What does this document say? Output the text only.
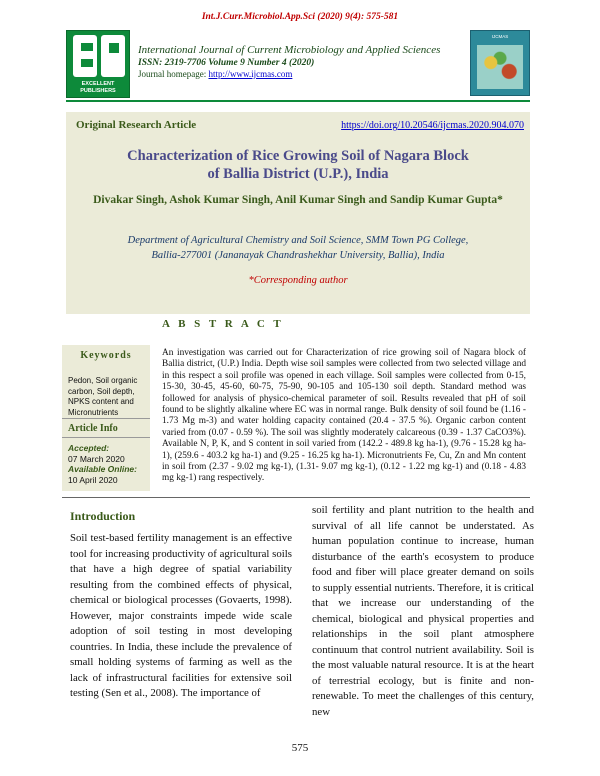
Int.J.Curr.Microbiol.App.Sci (2020) 9(4): 575-581
EXCELLENT PUBLISHERS
International Journal of Current Microbiology and Applied Sciences
ISSN: 2319-7706 Volume 9 Number 4 (2020)
Journal homepage: http://www.ijcmas.com
IJCMAS
Original Research Article	https://doi.org/10.20546/ijcmas.2020.904.070
Characterization of Rice Growing Soil of Nagara Block
of Ballia District (U.P.), India
Divakar Singh, Ashok Kumar Singh, Anil Kumar Singh and Sandip Kumar Gupta*
Department of Agricultural Chemistry and Soil Science, SMM Town PG College,
Ballia-277001 (Jananayak Chandrashekhar University, Ballia), India
*Corresponding author
A B S T R A C T
Keywords
Pedon, Soil organic carbon, Soil depth, NPKS content and Micronutrients
Article Info
Accepted:
07 March 2020
Available Online:
10 April 2020
An investigation was carried out for Characterization of rice growing soil of Nagara block of Ballia district, (U.P.) India. Depth wise soil samples were collected from two selected village and in this respect a soil profile was opened in each village. Soil samples were collected from 0-15, 15-30, 30-45, 45-60, 60-75, 75-90, 90-105 and 105-130 soil depth. Standard method was followed for analysis of physico-chemical parameter of soil. Results revealed that pH of soil found to be slightly alkaline where EC was in normal range. Bulk density of soil found be (1.16 - 1.73 Mg m-3) and water holding capacity contained (20.4 - 37.5 %). Organic carbon content varied from (0.07 - 0.59 %). The soil was slightly moderately calcareous (0.39 - 1.37 CaCO3%). Available N, P, K, and S content in soil varied from (142.2 - 489.8 kg ha-1), (9.76 - 15.28 kg ha-1), (259.6 - 403.2 kg ha-1) and (9.25 - 16.25 kg ha-1). Micronutrients Fe, Cu, Zn and Mn content in soil from (2.37 - 9.02 mg kg-1), (1.31- 9.07 mg kg-1), (0.12 - 1.22 mg kg-1) and (0.18 - 4.83 mg kg-1) rang respectively.
Introduction
Soil test-based fertility management is an effective tool for increasing productivity of agricultural soils that have a high degree of spatial variability resulting from the combined effects of physical, chemical or biological processes (Govaerts, 1998). However, major constraints impede wide scale adoption of soil testing in most developing countries. In India, these include the prevalence of small holding systems of farming as well as the lack of infrastructural facilities for extensive soil testing (Sen et al., 2008). The importance of
soil fertility and plant nutrition to the health and survival of all life cannot be understated. As human population continue to increase, human disturbance of the earth's ecosystem to produce food and fiber will place greater demand on soils to supply essential nutrients. Therefore, it is critical that we increase our understanding of the chemical, biological and physical properties and relationships in the soil plant atmosphere continuum that control nutrient availability. Soil is the most valuable natural resource. It is at the heart of terrestrial ecology, but is finite and non-renewable. To meet the challenges of this century, new
575
